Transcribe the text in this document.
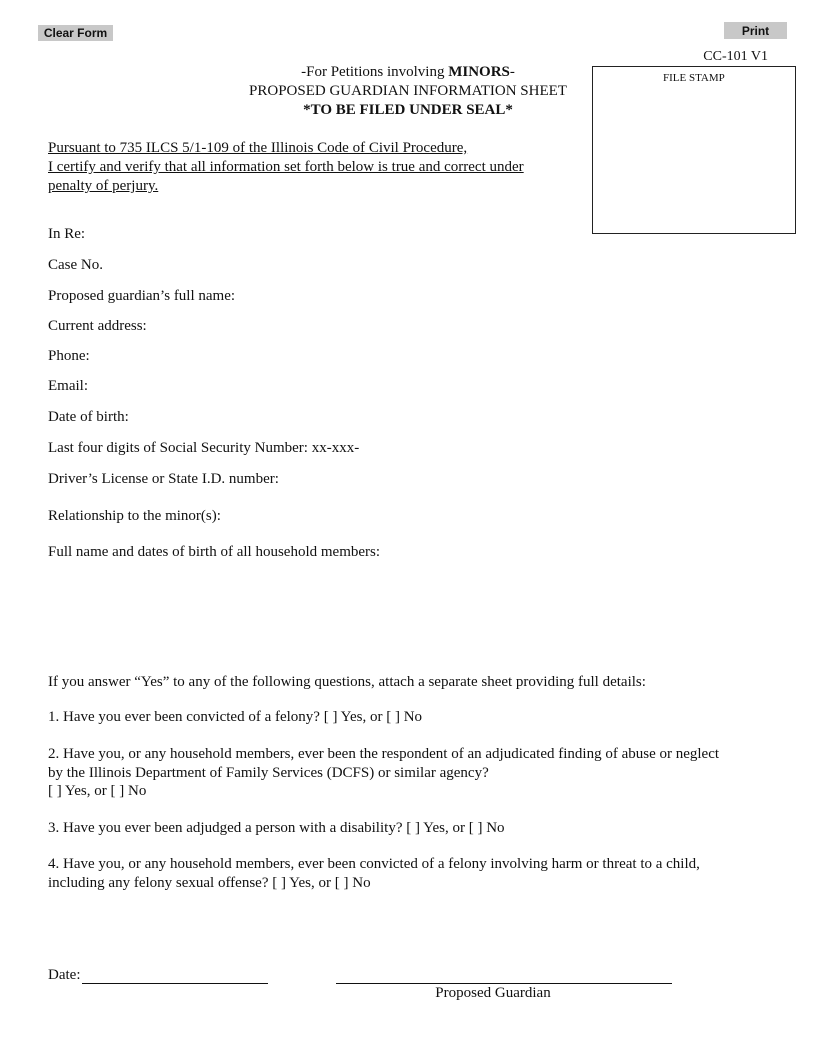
Clear Form	Print
CC-101 V1
FILE STAMP
-For Petitions involving MINORS-
PROPOSED GUARDIAN INFORMATION SHEET
*TO BE FILED UNDER SEAL*
Pursuant to 735 ILCS 5/1-109 of the Illinois Code of Civil Procedure,
I certify and verify that all information set forth below is true and correct under
penalty of perjury.
In Re:
Case No.
Proposed guardian’s full name:
Current address:
Phone:
Email:
Date of birth:
Last four digits of Social Security Number: xx-xxx-
Driver’s License or State I.D. number:
Relationship to the minor(s):
Full name and dates of birth of all household members:
If you answer “Yes” to any of the following questions, attach a separate sheet providing full details:
1. Have you ever been convicted of a felony? [ ] Yes, or [ ] No
2. Have you, or any household members, ever been the respondent of an adjudicated finding of abuse or neglect
by the Illinois Department of Family Services (DCFS) or similar agency?
[ ] Yes, or [ ] No
3. Have you ever been adjudged a person with a disability? [ ] Yes, or [ ] No
4. Have you, or any household members, ever been convicted of a felony involving harm or threat to a child,
including any felony sexual offense? [ ] Yes, or [ ] No
Date:
Proposed Guardian
